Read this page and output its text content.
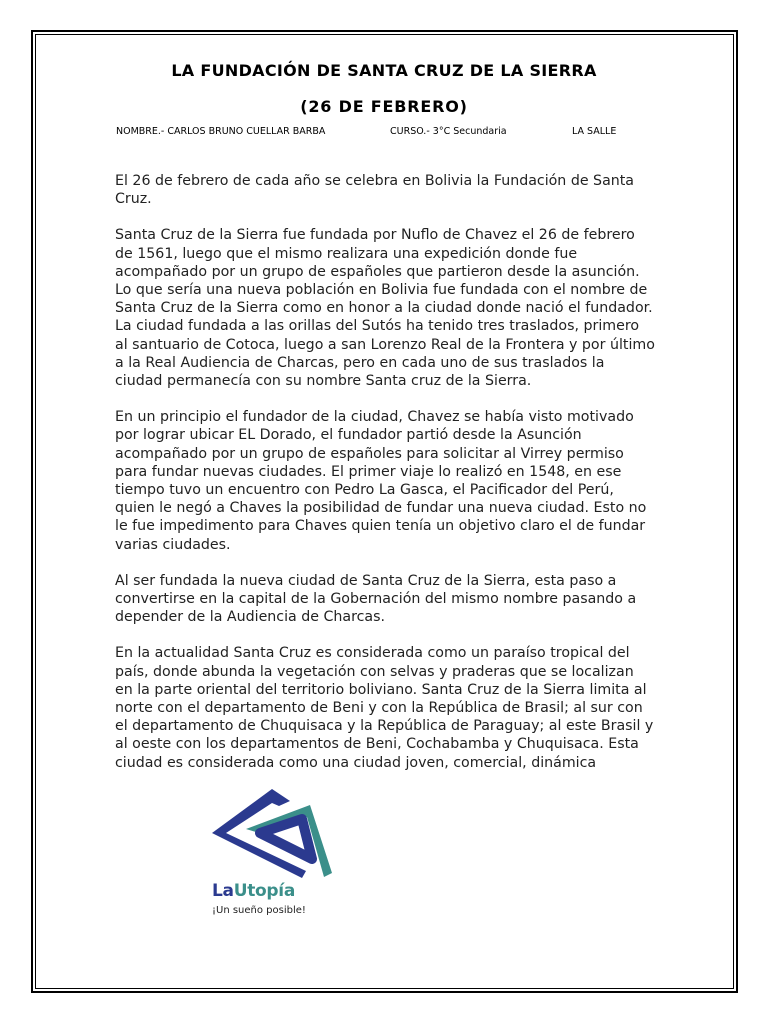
LA FUNDACIÓN DE SANTA CRUZ DE LA SIERRA
(26 DE FEBRERO)
NOMBRE.- CARLOS BRUNO CUELLAR BARBA	CURSO.- 3°C Secundaria	LA SALLE

El 26 de febrero de cada año se celebra en Bolivia la Fundación de Santa Cruz.

Santa Cruz de la Sierra fue fundada por Nuflo de Chavez el 26 de febrero de 1561, luego que el mismo realizara una expedición donde fue acompañado por un grupo de españoles que partieron desde la asunción. Lo que sería una nueva población en Bolivia fue fundada con el nombre de Santa Cruz de la Sierra como en honor a la ciudad donde nació el fundador. La ciudad fundada a las orillas del Sutós ha tenido tres traslados, primero al santuario de Cotoca, luego a san Lorenzo Real de la Frontera y por último a la Real Audiencia de Charcas, pero en cada uno de sus traslados la ciudad permanecía con su nombre Santa cruz de la Sierra.

En un principio el fundador de la ciudad, Chavez se había visto motivado por lograr ubicar EL Dorado, el fundador partió desde la Asunción acompañado por un grupo de españoles para solicitar al Virrey permiso para fundar nuevas ciudades. El primer viaje lo realizó en 1548, en ese tiempo tuvo un encuentro con Pedro La Gasca, el Pacificador del Perú, quien le negó a Chaves la posibilidad de fundar una nueva ciudad. Esto no le fue impedimento para Chaves quien tenía un objetivo claro el de fundar varias ciudades.

Al ser fundada la nueva ciudad de Santa Cruz de la Sierra, esta paso a convertirse en la capital de la Gobernación del mismo nombre pasando a depender de la Audiencia de Charcas.

En la actualidad Santa Cruz es considerada como un paraíso tropical del país, donde abunda la vegetación con selvas y praderas que se localizan en la parte oriental del territorio boliviano. Santa Cruz de la Sierra limita al norte con el departamento de Beni y con la República de Brasil; al sur con el departamento de Chuquisaca y la República de Paraguay; al este Brasil y al oeste con los departamentos de Beni, Cochabamba y Chuquisaca. Esta ciudad es considerada como una ciudad joven, comercial, dinámica

LaUtopía
¡Un sueño posible!
